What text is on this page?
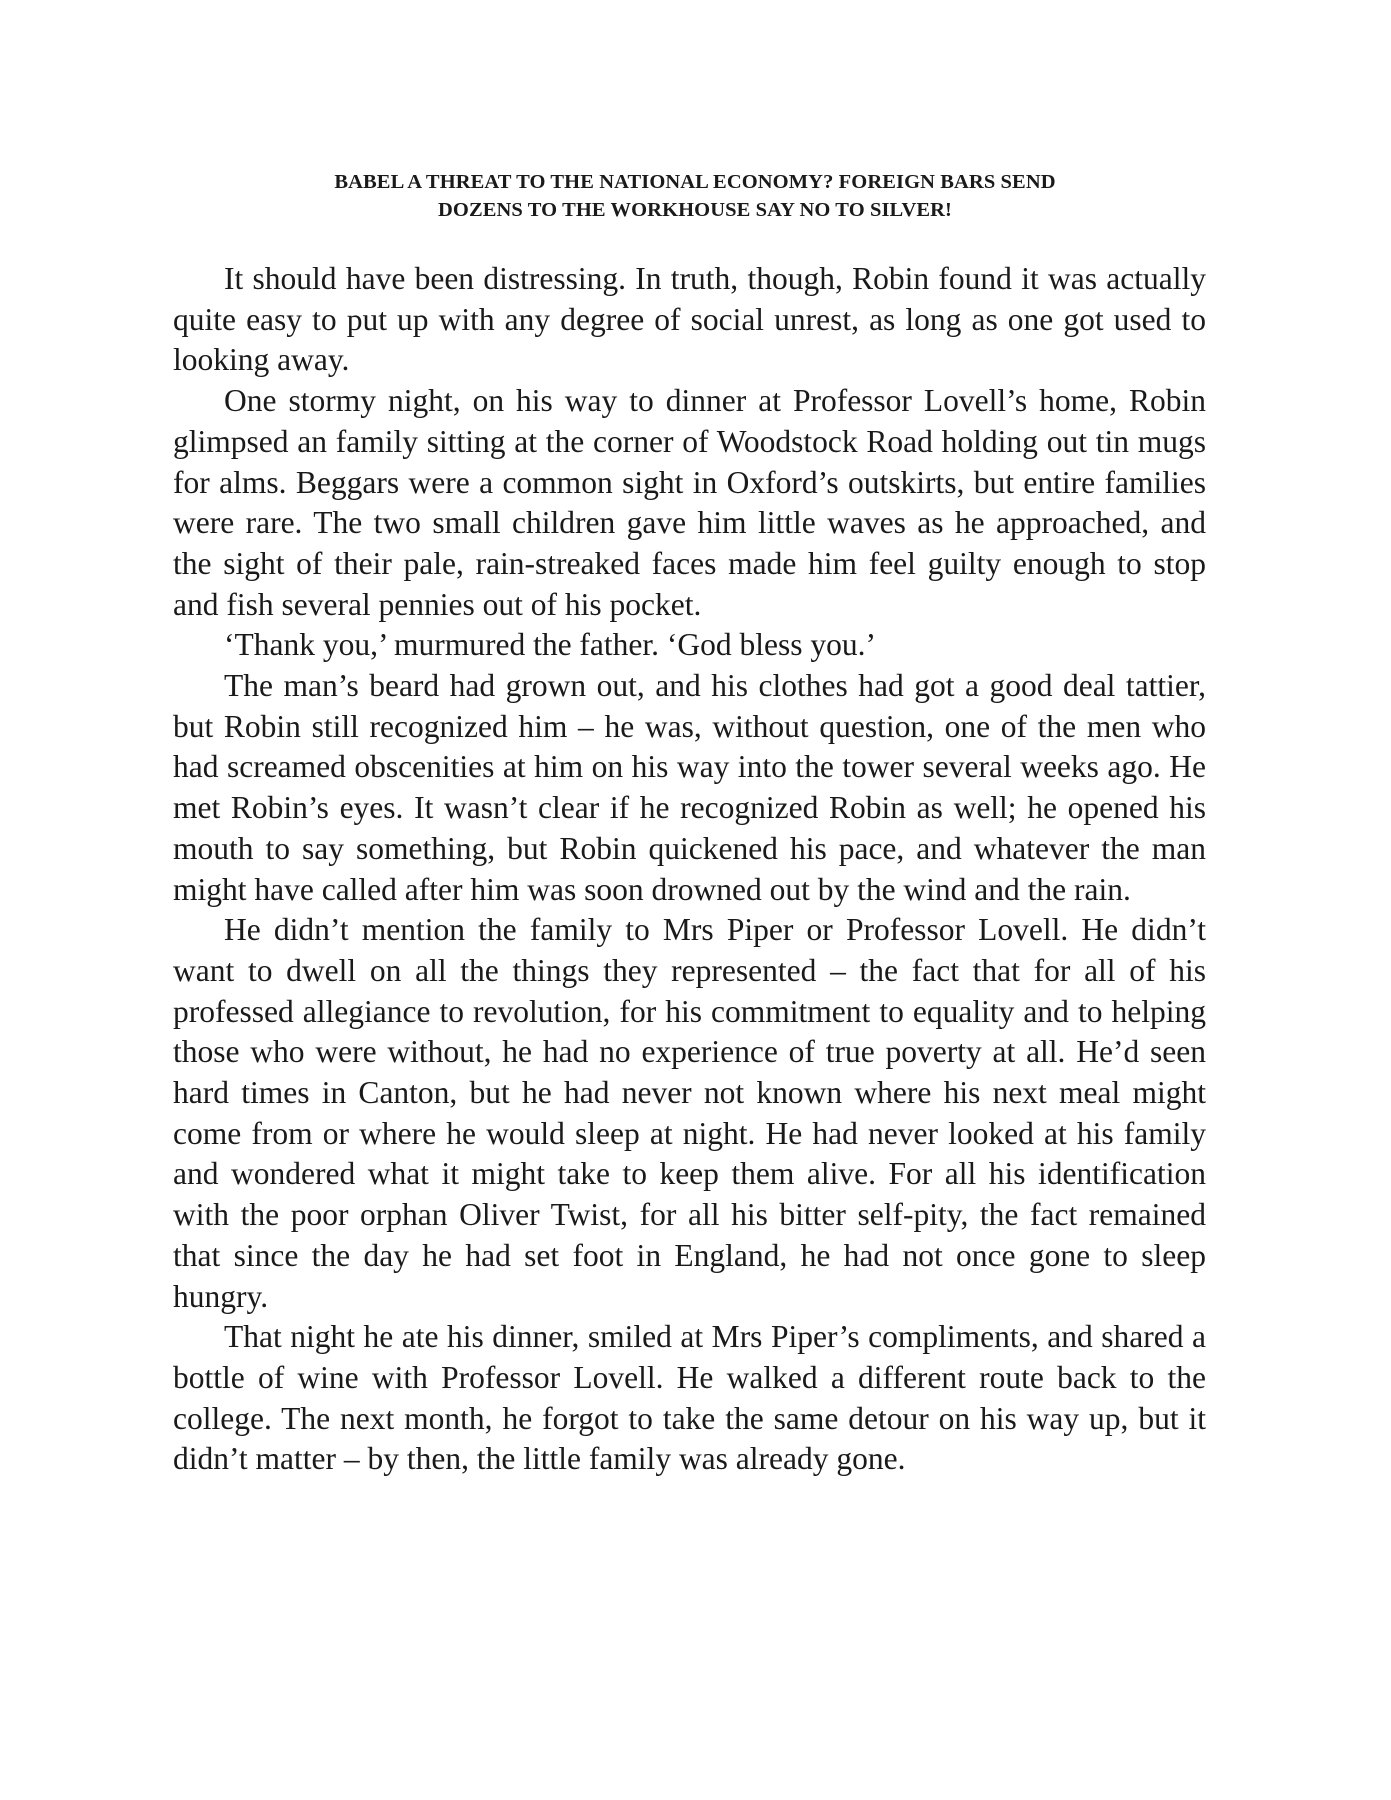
BABEL A THREAT TO THE NATIONAL ECONOMY? FOREIGN BARS SEND
DOZENS TO THE WORKHOUSE SAY NO TO SILVER!

It should have been distressing. In truth, though, Robin found it was actually quite easy to put up with any degree of social unrest, as long as one got used to looking away.

One stormy night, on his way to dinner at Professor Lovell’s home, Robin glimpsed an family sitting at the corner of Woodstock Road holding out tin mugs for alms. Beggars were a common sight in Oxford’s outskirts, but entire families were rare. The two small children gave him little waves as he approached, and the sight of their pale, rain-streaked faces made him feel guilty enough to stop and fish several pennies out of his pocket.

‘Thank you,’ murmured the father. ‘God bless you.’

The man’s beard had grown out, and his clothes had got a good deal tattier, but Robin still recognized him – he was, without question, one of the men who had screamed obscenities at him on his way into the tower several weeks ago. He met Robin’s eyes. It wasn’t clear if he recognized Robin as well; he opened his mouth to say something, but Robin quickened his pace, and whatever the man might have called after him was soon drowned out by the wind and the rain.

He didn’t mention the family to Mrs Piper or Professor Lovell. He didn’t want to dwell on all the things they represented – the fact that for all of his professed allegiance to revolution, for his commitment to equality and to helping those who were without, he had no experience of true poverty at all. He’d seen hard times in Canton, but he had never not known where his next meal might come from or where he would sleep at night. He had never looked at his family and wondered what it might take to keep them alive. For all his identification with the poor orphan Oliver Twist, for all his bitter self-pity, the fact remained that since the day he had set foot in England, he had not once gone to sleep hungry.

That night he ate his dinner, smiled at Mrs Piper’s compliments, and shared a bottle of wine with Professor Lovell. He walked a different route back to the college. The next month, he forgot to take the same detour on his way up, but it didn’t matter – by then, the little family was already gone.
